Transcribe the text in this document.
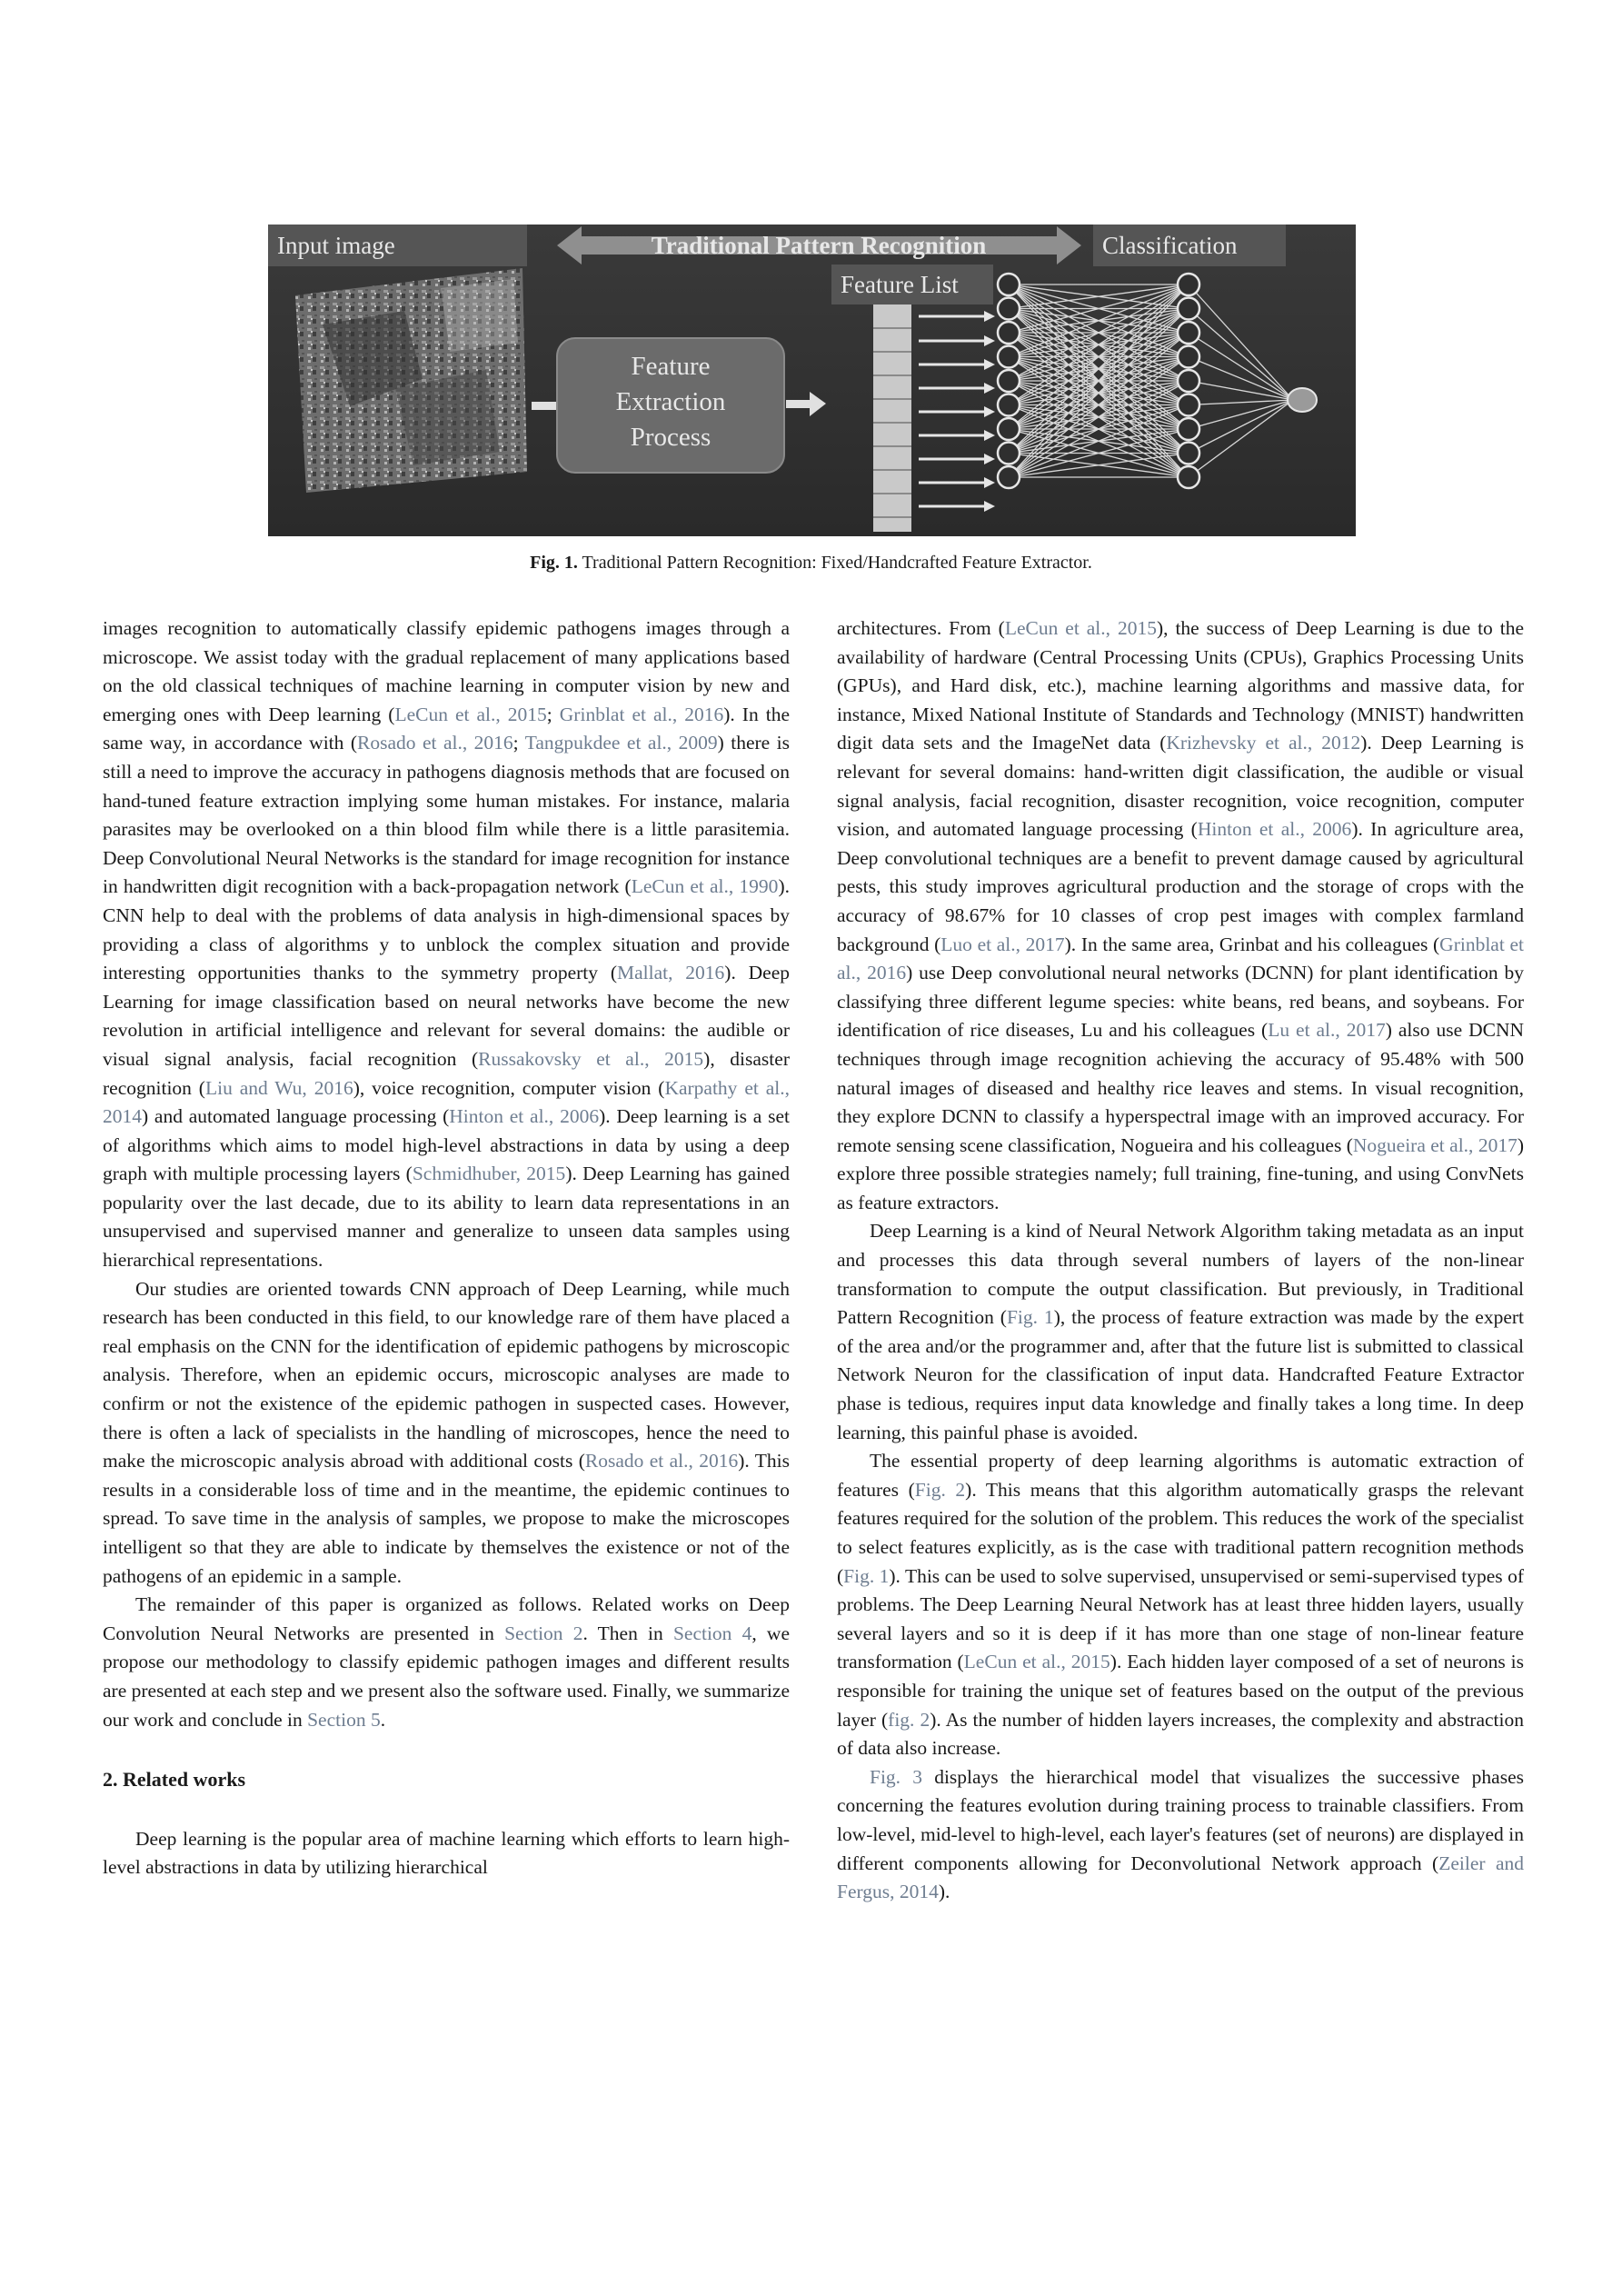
Input image	Traditional Pattern Recognition	Classification
Feature List
Feature
Extraction
Process
Fig. 1. Traditional Pattern Recognition: Fixed/Handcrafted Feature Extractor.

images recognition to automatically classify epidemic pathogens images through a microscope. We assist today with the gradual replacement of many applications based on the old classical techniques of machine learning in computer vision by new and emerging ones with Deep learning (LeCun et al., 2015; Grinblat et al., 2016). In the same way, in accordance with (Rosado et al., 2016; Tangpukdee et al., 2009) there is still a need to improve the accuracy in pathogens diagnosis methods that are focused on hand-tuned feature extraction implying some human mistakes. For instance, malaria parasites may be overlooked on a thin blood film while there is a little parasitemia. Deep Convolutional Neural Networks is the standard for image recognition for instance in handwritten digit recognition with a back-propagation network (LeCun et al., 1990). CNN help to deal with the problems of data analysis in high-dimensional spaces by providing a class of algorithms y to unblock the complex situation and provide interesting opportunities thanks to the symmetry property (Mallat, 2016). Deep Learning for image classification based on neural networks have become the new revolution in artificial intelligence and relevant for several domains: the audible or visual signal analysis, facial recognition (Russakovsky et al., 2015), disaster recognition (Liu and Wu, 2016), voice recognition, computer vision (Karpathy et al., 2014) and automated language processing (Hinton et al., 2006). Deep learning is a set of algorithms which aims to model high-level abstractions in data by using a deep graph with multiple processing layers (Schmidhuber, 2015). Deep Learning has gained popularity over the last decade, due to its ability to learn data representations in an unsupervised and supervised manner and generalize to unseen data samples using hierarchical representations.

Our studies are oriented towards CNN approach of Deep Learning, while much research has been conducted in this field, to our knowledge rare of them have placed a real emphasis on the CNN for the identification of epidemic pathogens by microscopic analysis. Therefore, when an epidemic occurs, microscopic analyses are made to confirm or not the existence of the epidemic pathogen in suspected cases. However, there is often a lack of specialists in the handling of microscopes, hence the need to make the microscopic analysis abroad with additional costs (Rosado et al., 2016). This results in a considerable loss of time and in the meantime, the epidemic continues to spread. To save time in the analysis of samples, we propose to make the microscopes intelligent so that they are able to indicate by themselves the existence or not of the pathogens of an epidemic in a sample.

The remainder of this paper is organized as follows. Related works on Deep Convolution Neural Networks are presented in Section 2. Then in Section 4, we propose our methodology to classify epidemic pathogen images and different results are presented at each step and we present also the software used. Finally, we summarize our work and conclude in Section 5.

2. Related works

Deep learning is the popular area of machine learning which efforts to learn high-level abstractions in data by utilizing hierarchical

architectures. From (LeCun et al., 2015), the success of Deep Learning is due to the availability of hardware (Central Processing Units (CPUs), Graphics Processing Units (GPUs), and Hard disk, etc.), machine learning algorithms and massive data, for instance, Mixed National Institute of Standards and Technology (MNIST) handwritten digit data sets and the ImageNet data (Krizhevsky et al., 2012). Deep Learning is relevant for several domains: hand-written digit classification, the audible or visual signal analysis, facial recognition, disaster recognition, voice recognition, computer vision, and automated language processing (Hinton et al., 2006). In agriculture area, Deep convolutional techniques are a benefit to prevent damage caused by agricultural pests, this study improves agricultural production and the storage of crops with the accuracy of 98.67% for 10 classes of crop pest images with complex farmland background (Luo et al., 2017). In the same area, Grinbat and his colleagues (Grinblat et al., 2016) use Deep convolutional neural networks (DCNN) for plant identification by classifying three different legume species: white beans, red beans, and soybeans. For identification of rice diseases, Lu and his colleagues (Lu et al., 2017) also use DCNN techniques through image recognition achieving the accuracy of 95.48% with 500 natural images of diseased and healthy rice leaves and stems. In visual recognition, they explore DCNN to classify a hyperspectral image with an improved accuracy. For remote sensing scene classification, Nogueira and his colleagues (Nogueira et al., 2017) explore three possible strategies namely; full training, fine-tuning, and using ConvNets as feature extractors.

Deep Learning is a kind of Neural Network Algorithm taking metadata as an input and processes this data through several numbers of layers of the non-linear transformation to compute the output classification. But previously, in Traditional Pattern Recognition (Fig. 1), the process of feature extraction was made by the expert of the area and/or the programmer and, after that the future list is submitted to classical Network Neuron for the classification of input data. Handcrafted Feature Extractor phase is tedious, requires input data knowledge and finally takes a long time. In deep learning, this painful phase is avoided.

The essential property of deep learning algorithms is automatic extraction of features (Fig. 2). This means that this algorithm automatically grasps the relevant features required for the solution of the problem. This reduces the work of the specialist to select features explicitly, as is the case with traditional pattern recognition methods (Fig. 1). This can be used to solve supervised, unsupervised or semi-supervised types of problems. The Deep Learning Neural Network has at least three hidden layers, usually several layers and so it is deep if it has more than one stage of non-linear feature transformation (LeCun et al., 2015). Each hidden layer composed of a set of neurons is responsible for training the unique set of features based on the output of the previous layer (fig. 2). As the number of hidden layers increases, the complexity and abstraction of data also increase.

Fig. 3 displays the hierarchical model that visualizes the successive phases concerning the features evolution during training process to trainable classifiers. From low-level, mid-level to high-level, each layer's features (set of neurons) are displayed in different components allowing for Deconvolutional Network approach (Zeiler and Fergus, 2014).
